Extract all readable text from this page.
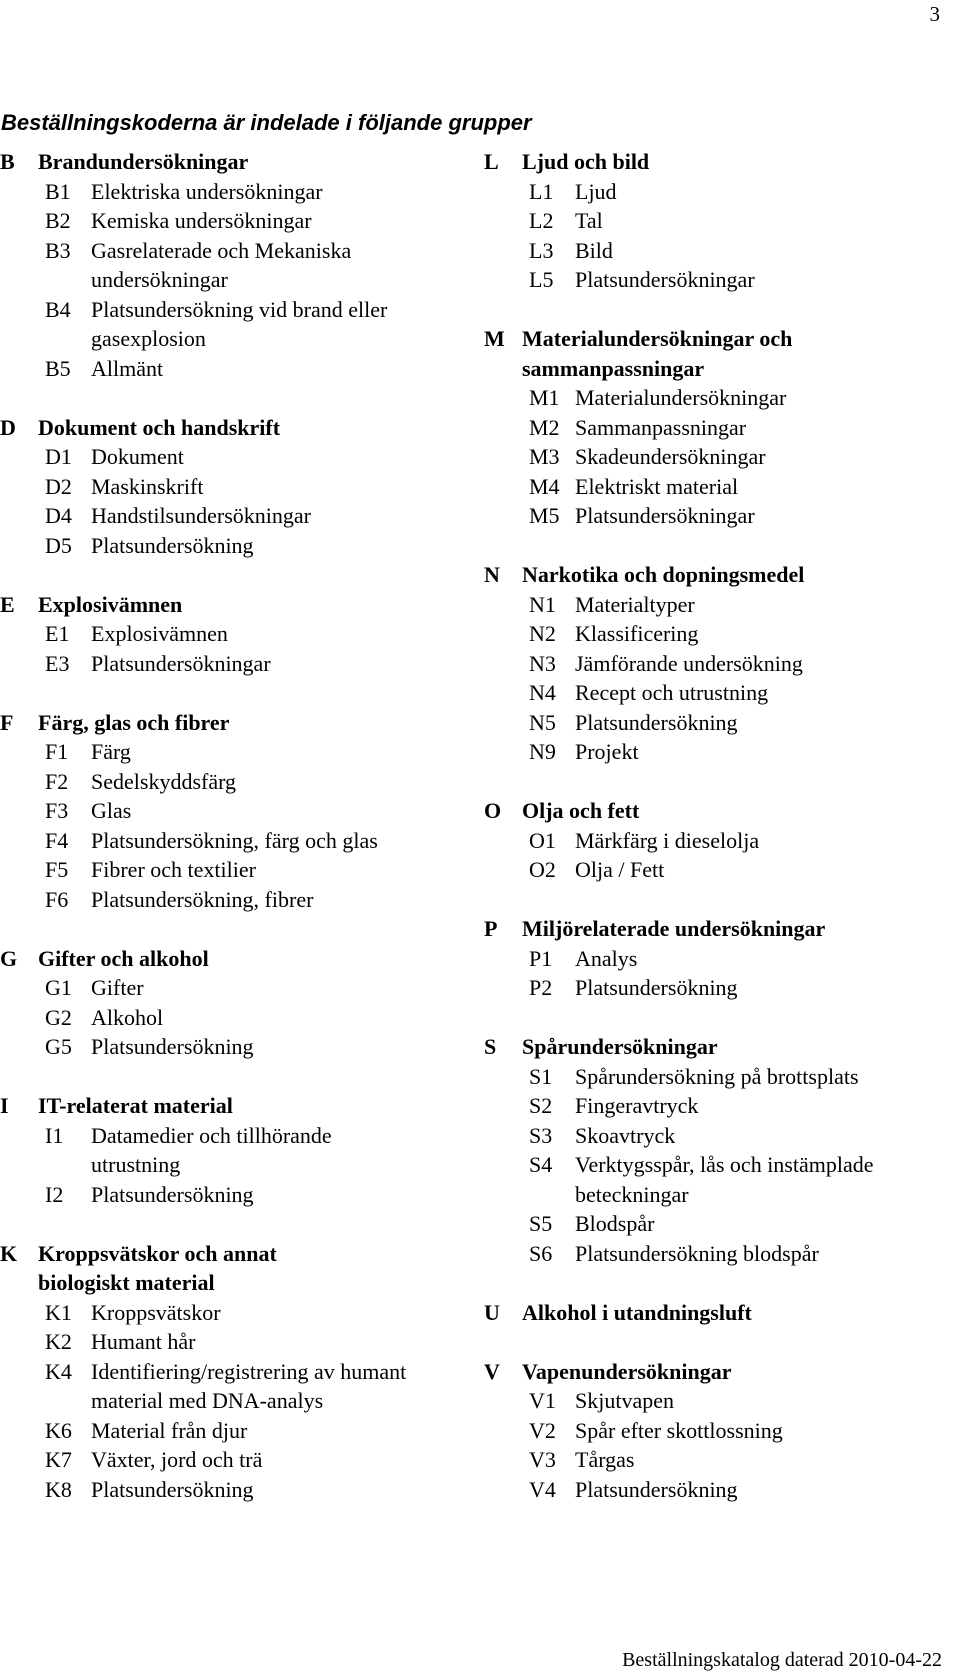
3
Beställningskoderna är indelade i följande grupper
B	Brandundersökningar
B1 Elektriska undersökningar
B2 Kemiska undersökningar
B3 Gasrelaterade och Mekaniska
undersökningar
B4 Platsundersökning vid brand eller
gasexplosion
B5 Allmänt
D	Dokument och handskrift
D1 Dokument
D2 Maskinskrift
D4 Handstilsundersökningar
D5 Platsundersökning
E	Explosivämnen
E1 Explosivämnen
E3 Platsundersökningar
F	Färg, glas och fibrer
F1	Färg
F2	Sedelskyddsfärg
F3	Glas
F4	Platsundersökning, färg och glas
F5	Fibrer och textilier
F6	Platsundersökning, fibrer
G Gifter och alkohol
G1 Gifter
G2 Alkohol
G5 Platsundersökning
I	IT-relaterat material
I1	Datamedier och tillhörande
utrustning
I2	Platsundersökning
K Kroppsvätskor och annat biologiskt material
K1 Kroppsvätskor
K2 Humant hår
K4 Identifiering/registrering av humant
material med DNA-analys
K6 Material från djur
K7 Växter, jord och trä
K8 Platsundersökning
L	Ljud och bild
L1 Ljud
L2 Tal
L3 Bild
L5 Platsundersökningar
M Materialundersökningar och sammanpassningar
M1 Materialundersökningar
M2 Sammanpassningar
M3 Skadeundersökningar
M4 Elektriskt material
M5 Platsundersökningar
N	Narkotika och dopningsmedel
N1 Materialtyper
N2 Klassificering
N3 Jämförande undersökning
N4 Recept och utrustning
N5 Platsundersökning
N9 Projekt
O Olja och fett
O1 Märkfärg i dieselolja
O2 Olja / Fett
P	Miljörelaterade undersökningar
P1	Analys
P2	Platsundersökning
S	Spårundersökningar
S1	Spårundersökning på brottsplats
S2	Fingeravtryck
S3	Skoavtryck
S4	Verktygsspår, lås och instämplade
beteckningar
S5	Blodspår
S6	Platsundersökning blodspår
U	Alkohol i utandningsluft
V	Vapenundersökningar
V1 Skjutvapen
V2 Spår efter skottlossning
V3 Tårgas
V4 Platsundersökning
Beställningskatalog daterad 2010-04-22
